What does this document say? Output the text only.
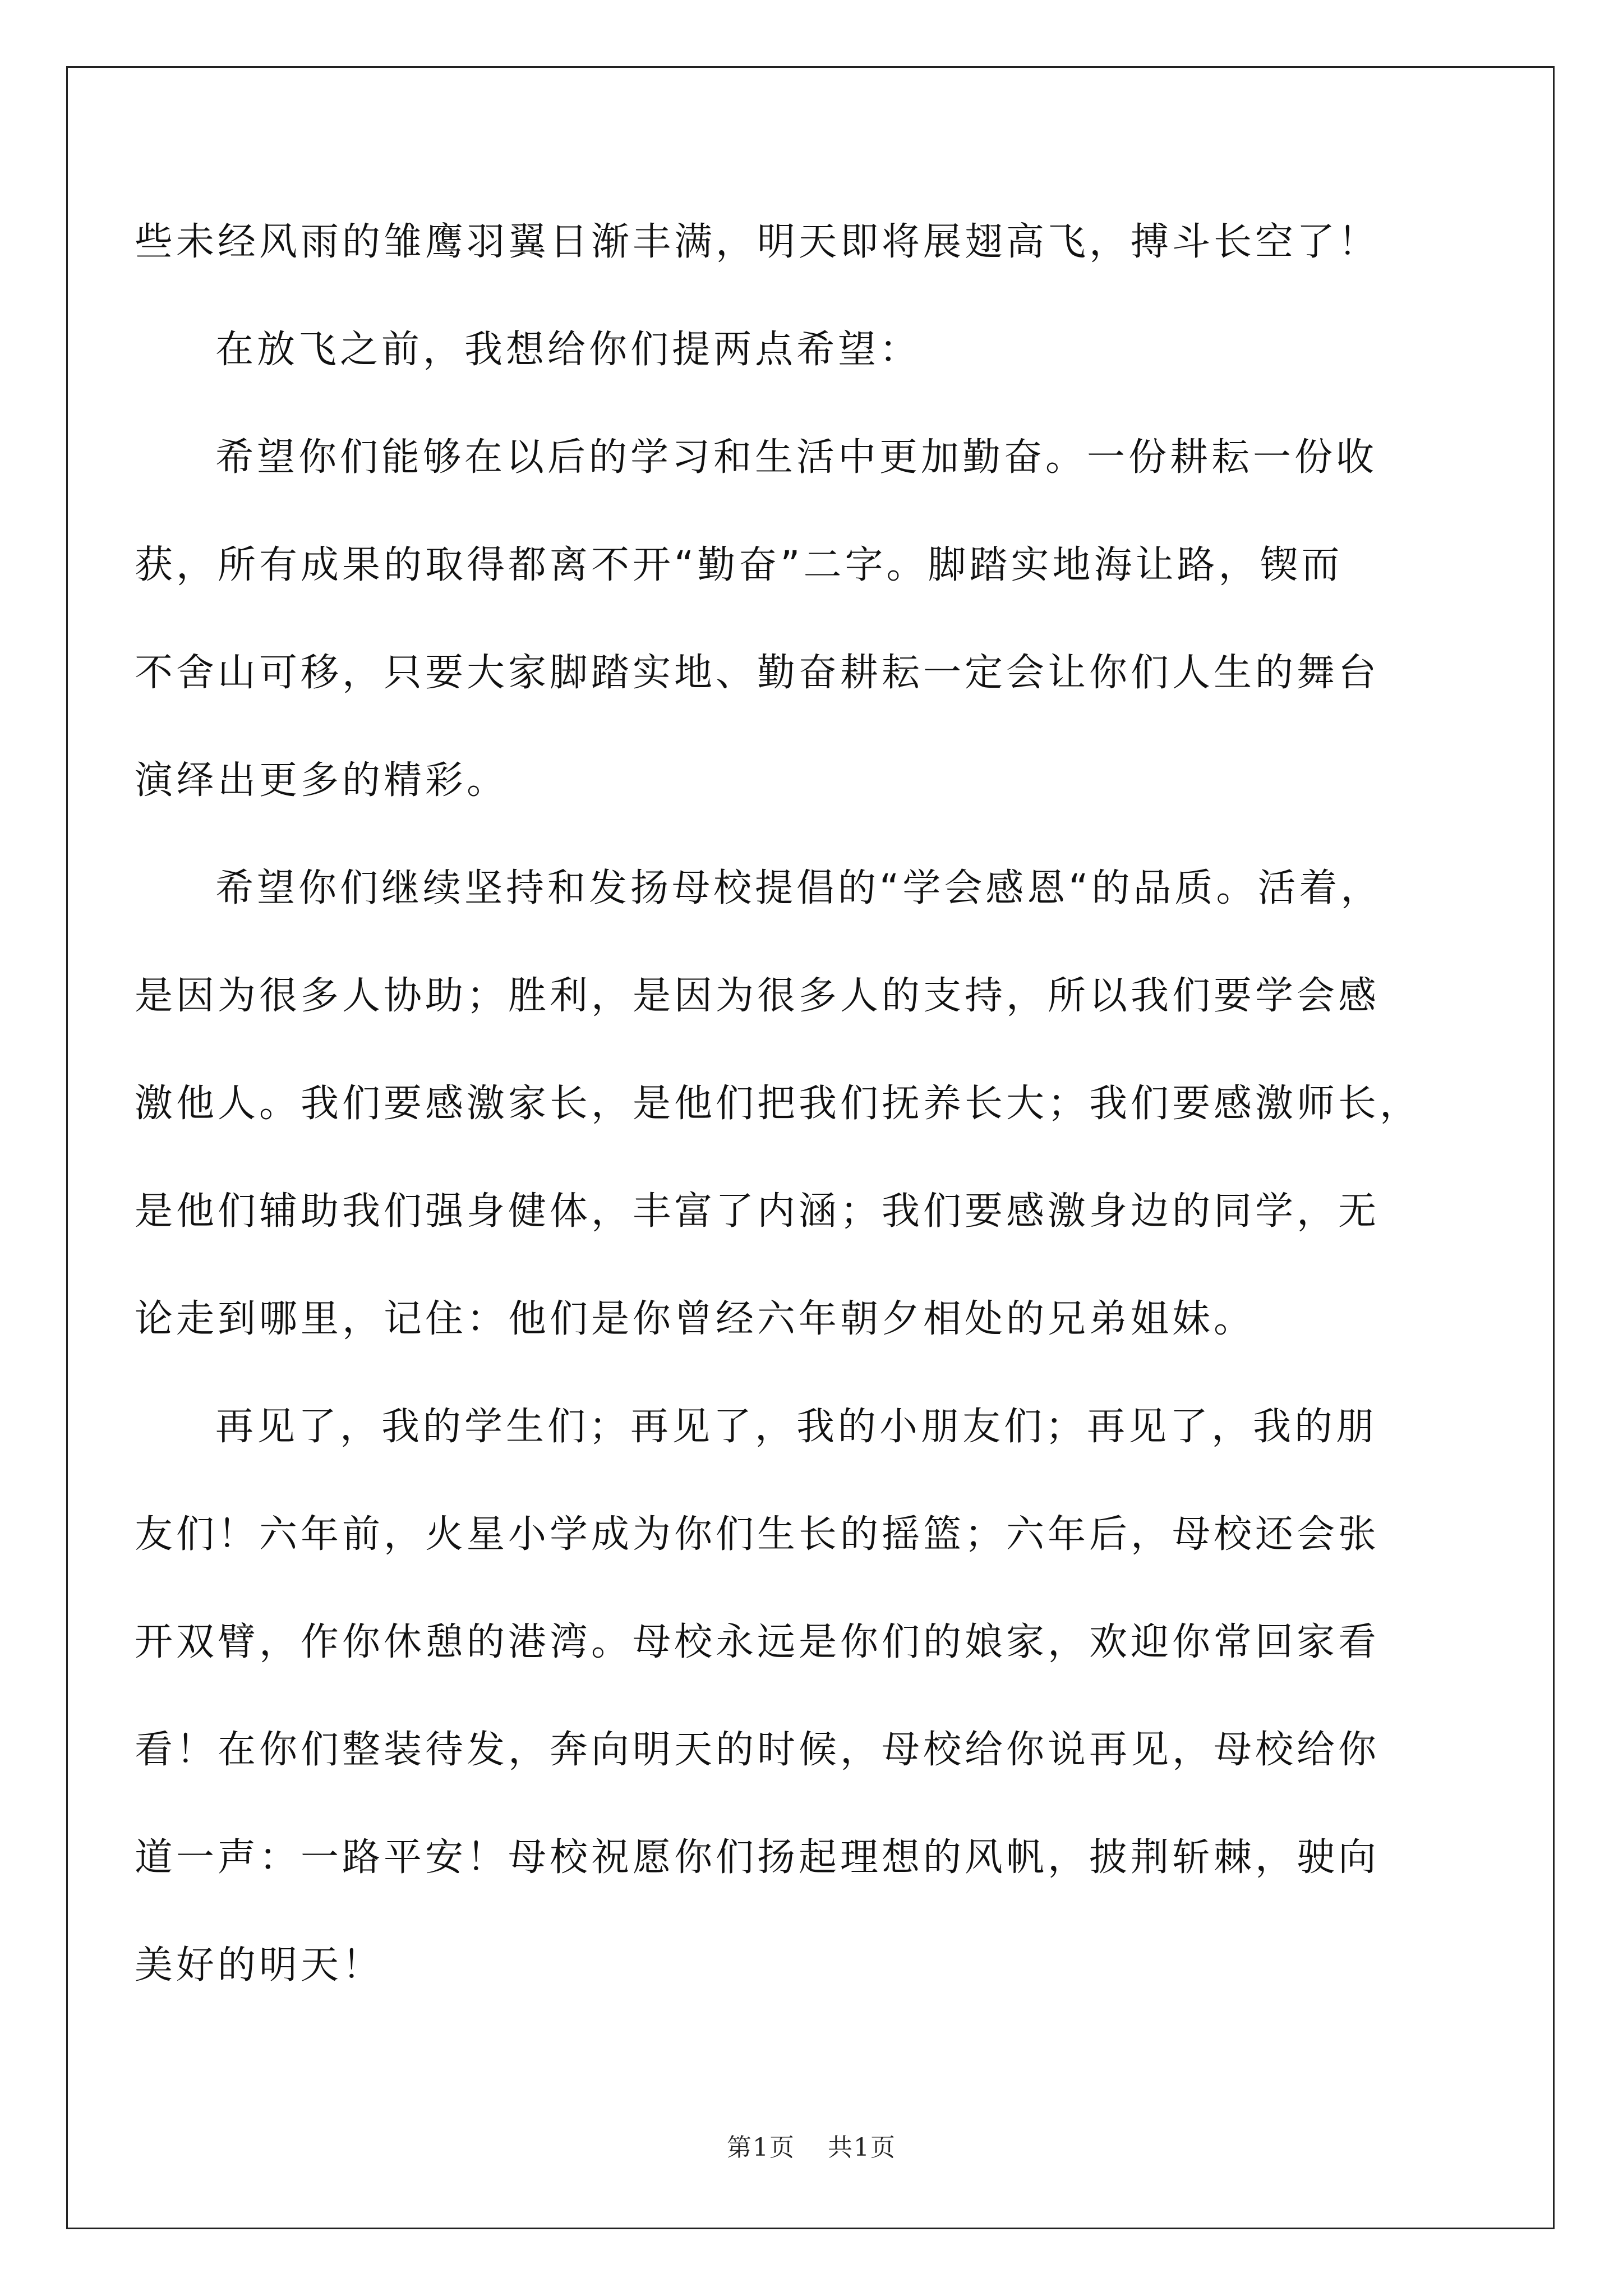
些未经风雨的雏鹰羽翼日渐丰满，明天即将展翅高飞，搏斗长空了！
在放飞之前，我想给你们提两点希望：
希望你们能够在以后的学习和生活中更加勤奋。一份耕耘一份收
获，所有成果的取得都离不开“勤奋”二字。脚踏实地海让路，锲而
不舍山可移，只要大家脚踏实地、勤奋耕耘一定会让你们人生的舞台
演绎出更多的精彩。
希望你们继续坚持和发扬母校提倡的“学会感恩“的品质。活着，
是因为很多人协助；胜利，是因为很多人的支持，所以我们要学会感
激他人。我们要感激家长，是他们把我们抚养长大；我们要感激师长，
是他们辅助我们强身健体，丰富了内涵；我们要感激身边的同学，无
论走到哪里，记住：他们是你曾经六年朝夕相处的兄弟姐妹。
再见了，我的学生们；再见了，我的小朋友们；再见了，我的朋
友们！六年前，火星小学成为你们生长的摇篮；六年后，母校还会张
开双臂，作你休憩的港湾。母校永远是你们的娘家，欢迎你常回家看
看！在你们整装待发，奔向明天的时候，母校给你说再见，母校给你
道一声：一路平安！母校祝愿你们扬起理想的风帆，披荆斩棘，驶向
美好的明天！
第1页 共1页
